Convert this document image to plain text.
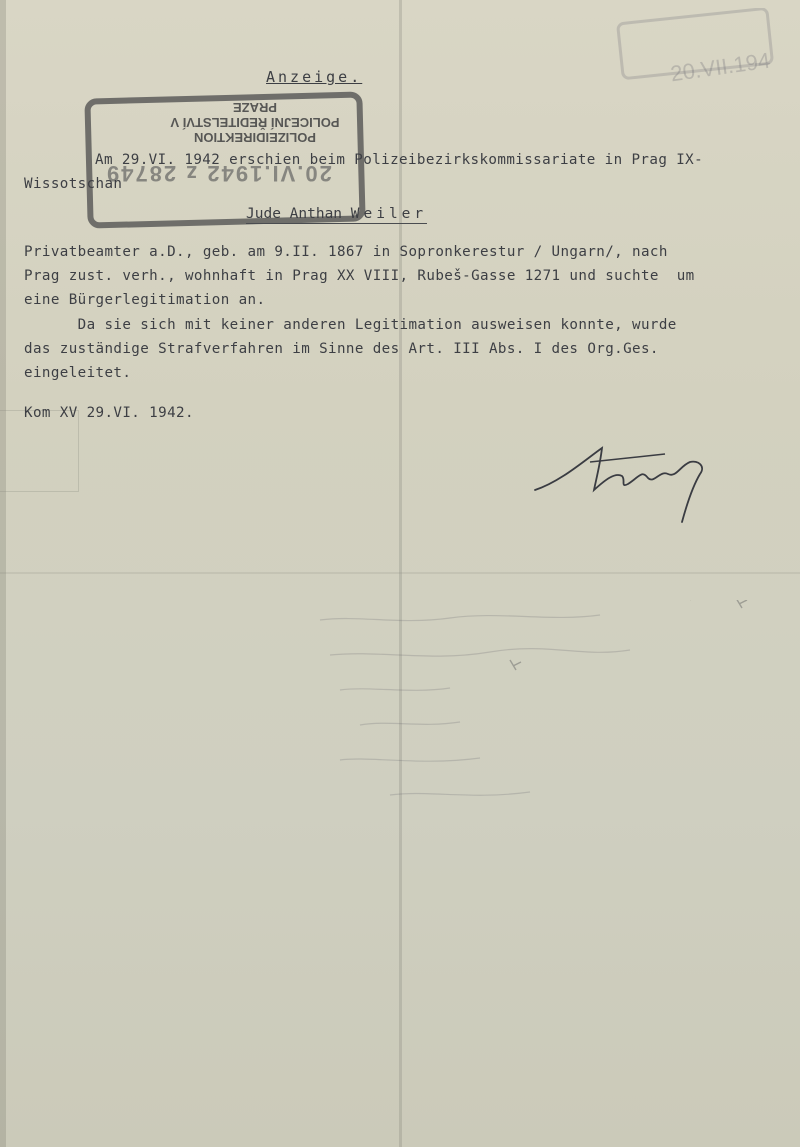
20.VII.194
Anzeige.
POLIZEIDIREKTION
POLICEJNÍ ŘEDITELSTVÍ V PRAZE
20.VI.1942 z 28749
Am 29.VI. 1942 erschien beim Polizeibezirkskommissariate in Prag IX-
Wissotschan
Jude Anthan Weiler
Privatbeamter a.D., geb. am 9.II. 1867 in Sopronkerestur / Ungarn/, nach
Prag zust. verh., wohnhaft in Prag XX VIII, Rubeš-Gasse 1271 und suchte  um
eine Bürgerlegitimation an.
Da sie sich mit keiner anderen Legitimation ausweisen konnte, wurde
das zuständige Strafverfahren im Sinne des Art. III Abs. I des Org.Ges.
eingeleitet.
Kom XV 29.VI. 1942.
